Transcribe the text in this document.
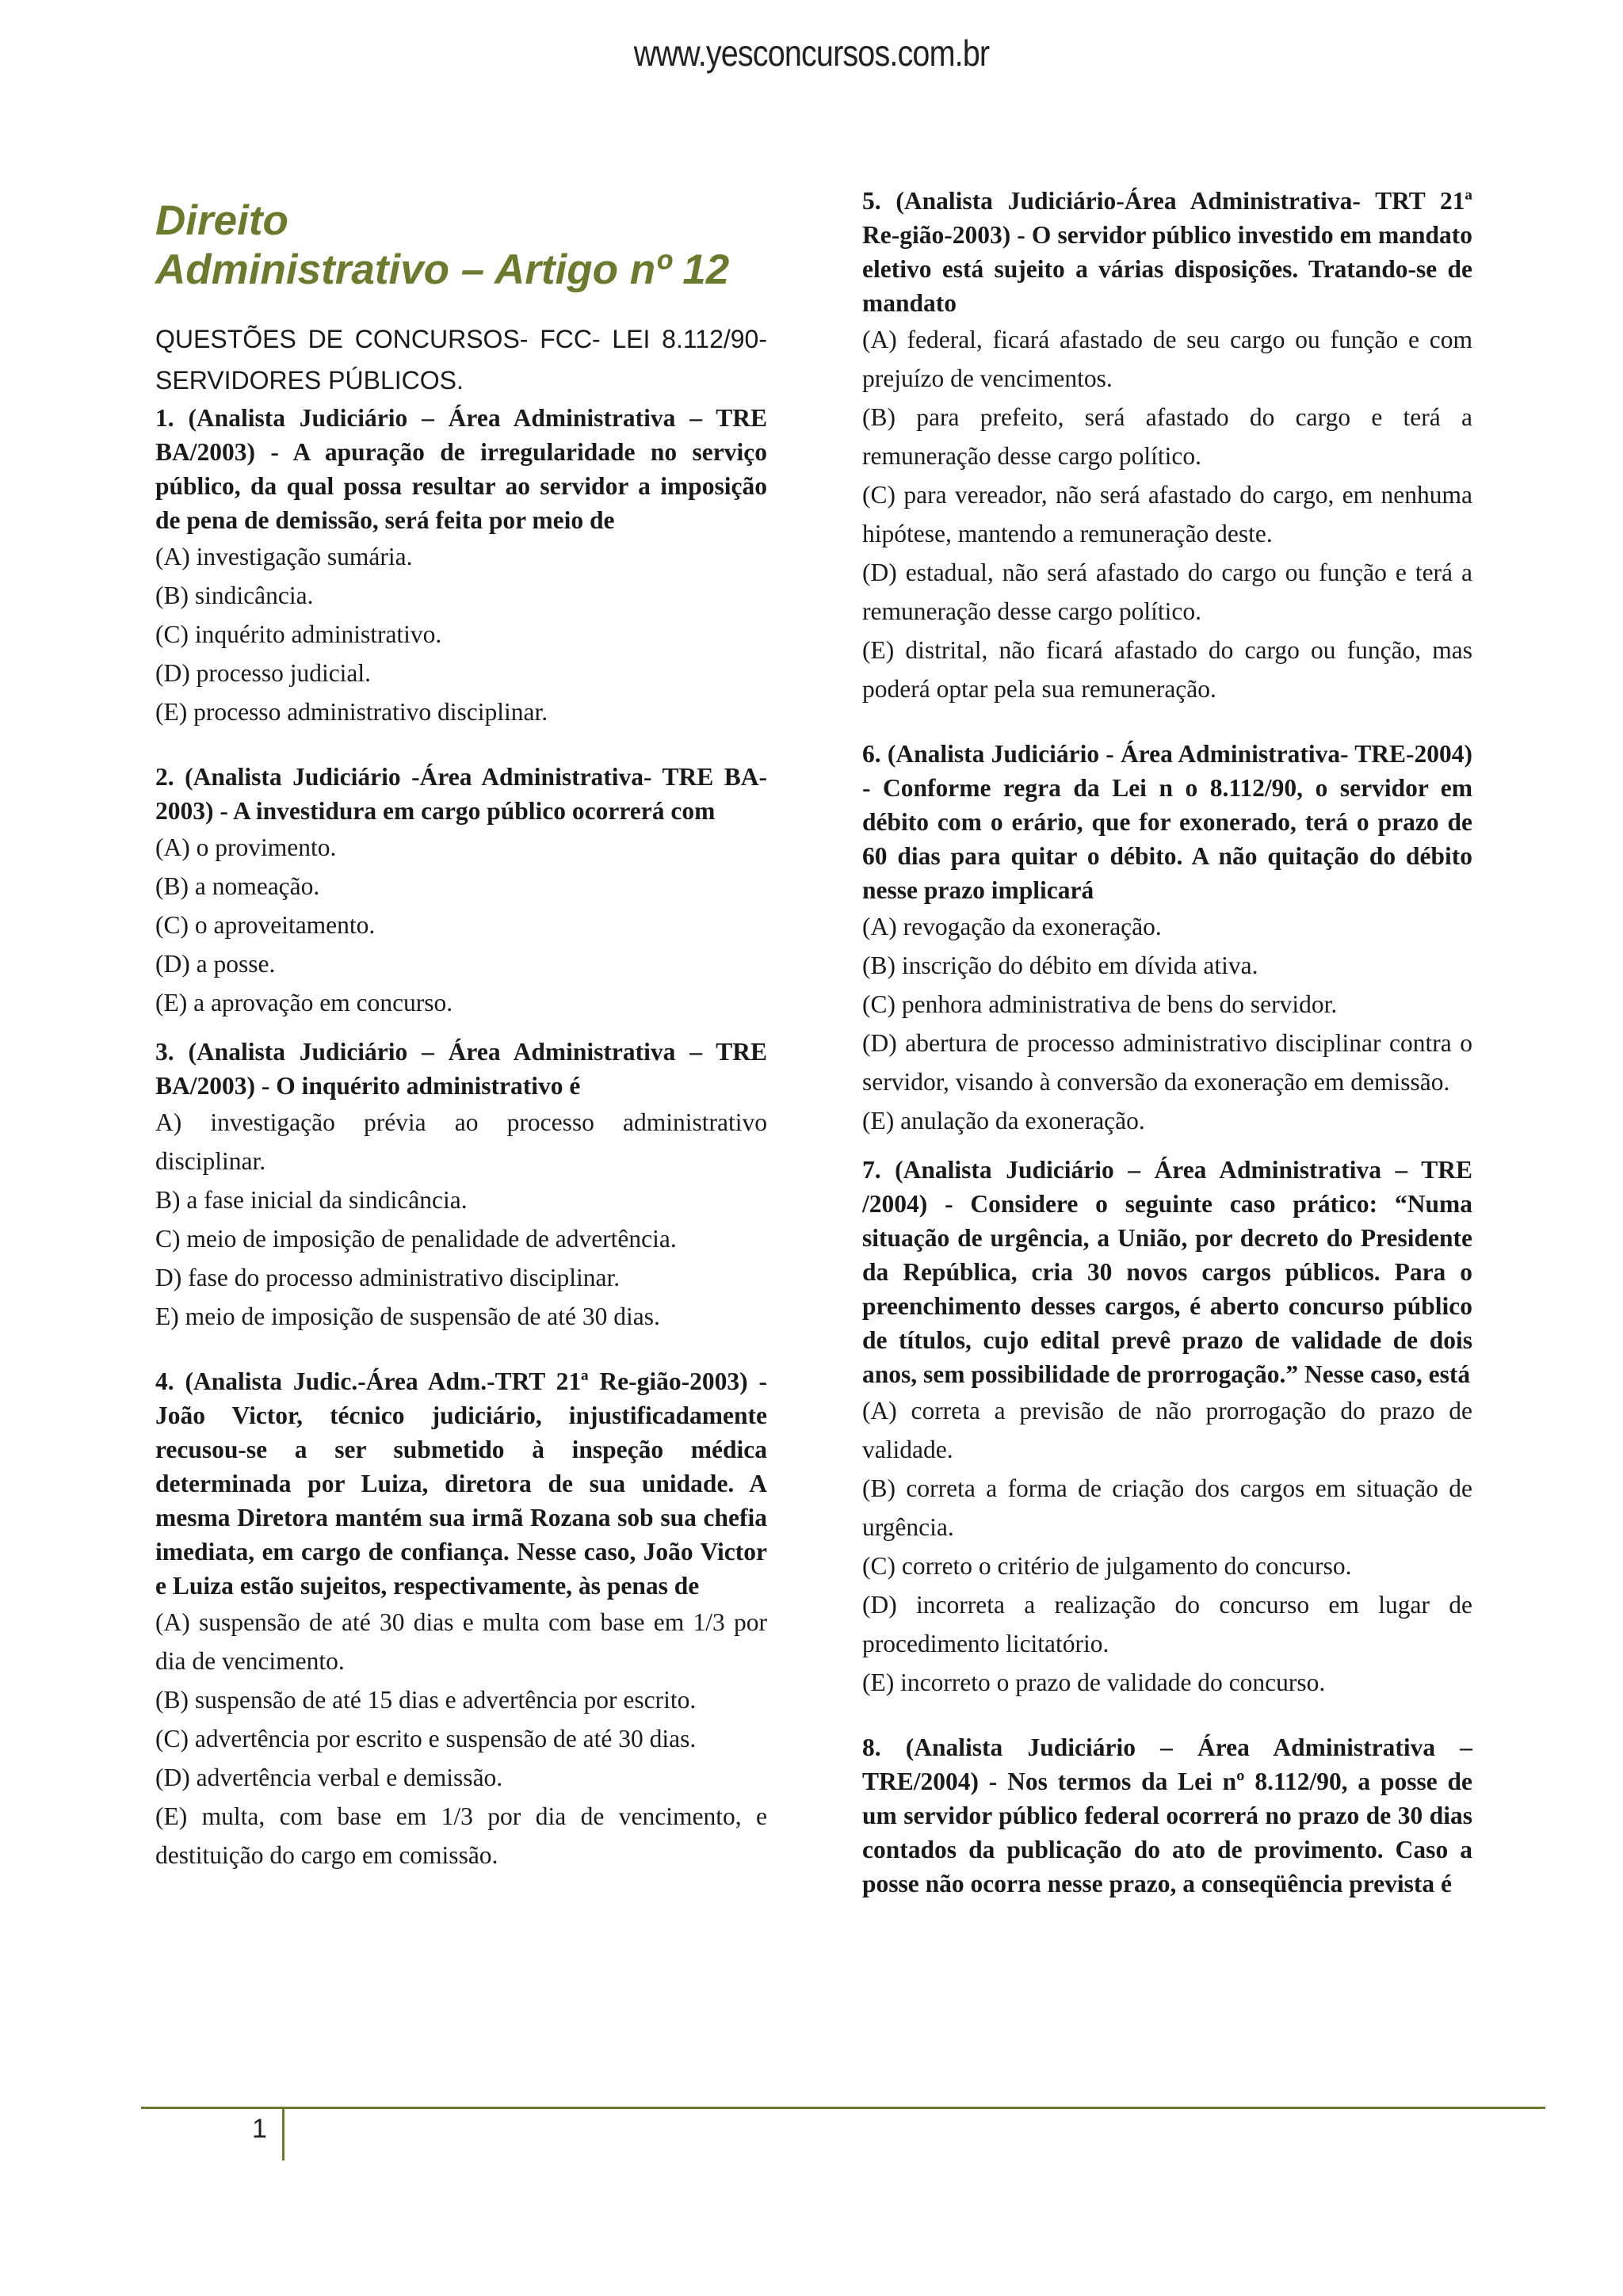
www.yesconcursos.com.br
Direito
Administrativo – Artigo nº 12
QUESTÕES DE CONCURSOS- FCC- LEI 8.112/90- SERVIDORES PÚBLICOS.
1. (Analista Judiciário – Área Administrativa – TRE BA/2003) - A apuração de irregularidade no serviço público, da qual possa resultar ao servidor a imposição de pena de demissão, será feita por meio de
(A) investigação sumária.
(B) sindicância.
(C) inquérito administrativo.
(D) processo judicial.
(E) processo administrativo disciplinar.
2. (Analista Judiciário -Área Administrativa- TRE BA-2003) - A investidura em cargo público ocorrerá com
(A) o provimento.
(B) a nomeação.
(C) o aproveitamento.
(D) a posse.
(E) a aprovação em concurso.
3. (Analista Judiciário – Área Administrativa – TRE BA/2003) - O inquérito administrativo é
A) investigação prévia ao processo administrativo disciplinar.
B) a fase inicial da sindicância.
C) meio de imposição de penalidade de advertência.
D) fase do processo administrativo disciplinar.
E) meio de imposição de suspensão de até 30 dias.
4. (Analista Judic.-Área Adm.-TRT 21ª Re-gião-2003) - João Victor, técnico judiciário, injustificadamente recusou-se a ser submetido à inspeção médica determinada por Luiza, diretora de sua unidade. A mesma Diretora mantém sua irmã Rozana sob sua chefia imediata, em cargo de confiança. Nesse caso, João Victor e Luiza estão sujeitos, respectivamente, às penas de
(A) suspensão de até 30 dias e multa com base em 1/3 por dia de vencimento.
(B) suspensão de até 15 dias e advertência por escrito.
(C) advertência por escrito e suspensão de até 30 dias.
(D) advertência verbal e demissão.
(E) multa, com base em 1/3 por dia de vencimento, e destituição do cargo em comissão.
5. (Analista Judiciário-Área Administrativa- TRT 21ª Re-gião-2003) - O servidor público investido em mandato eletivo está sujeito a várias disposições. Tratando-se de mandato
(A) federal, ficará afastado de seu cargo ou função e com prejuízo de vencimentos.
(B) para prefeito, será afastado do cargo e terá a remuneração desse cargo político.
(C) para vereador, não será afastado do cargo, em nenhuma hipótese, mantendo a remuneração deste.
(D) estadual, não será afastado do cargo ou função e terá a remuneração desse cargo político.
(E) distrital, não ficará afastado do cargo ou função, mas poderá optar pela sua remuneração.
6. (Analista Judiciário - Área Administrativa- TRE-2004) - Conforme regra da Lei n o 8.112/90, o servidor em débito com o erário, que for exonerado, terá o prazo de 60 dias para quitar o débito. A não quitação do débito nesse prazo implicará
(A) revogação da exoneração.
(B) inscrição do débito em dívida ativa.
(C) penhora administrativa de bens do servidor.
(D) abertura de processo administrativo disciplinar contra o servidor, visando à conversão da exoneração em demissão.
(E) anulação da exoneração.
7. (Analista Judiciário – Área Administrativa – TRE /2004) - Considere o seguinte caso prático: “Numa situação de urgência, a União, por decreto do Presidente da República, cria 30 novos cargos públicos. Para o preenchimento desses cargos, é aberto concurso público de títulos, cujo edital prevê prazo de validade de dois anos, sem possibilidade de prorrogação.” Nesse caso, está
(A) correta a previsão de não prorrogação do prazo de validade.
(B) correta a forma de criação dos cargos em situação de urgência.
(C) correto o critério de julgamento do concurso.
(D) incorreta a realização do concurso em lugar de procedimento licitatório.
(E) incorreto o prazo de validade do concurso.
8. (Analista Judiciário – Área Administrativa – TRE/2004) - Nos termos da Lei nº 8.112/90, a posse de um servidor público federal ocorrerá no prazo de 30 dias contados da publicação do ato de provimento. Caso a posse não ocorra nesse prazo, a conseqüência prevista é
1
